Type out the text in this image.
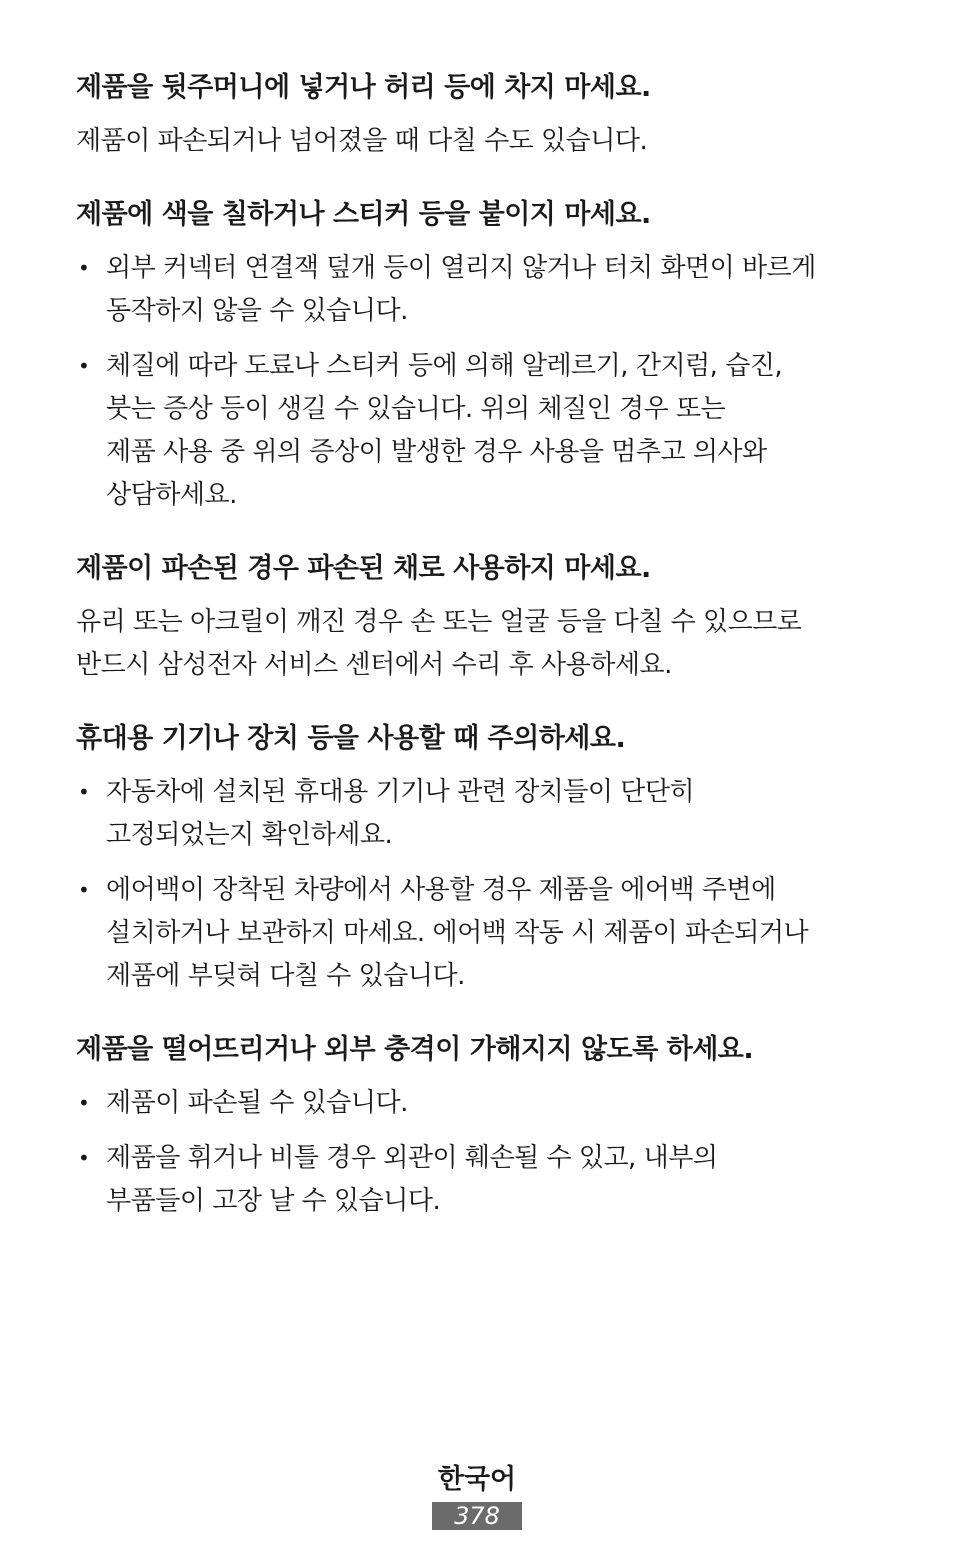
제품을 뒷주머니에 넣거나 허리 등에 차지 마세요.

제품이 파손되거나 넘어졌을 때 다칠 수도 있습니다.

제품에 색을 칠하거나 스티커 등을 붙이지 마세요.
• 외부 커넥터 연결잭 덮개 등이 열리지 않거나 터치 화면이 바르게
동작하지 않을 수 있습니다.
• 체질에 따라 도료나 스티커 등에 의해 알레르기, 간지럼, 습진,
붓는 증상 등이 생길 수 있습니다. 위의 체질인 경우 또는
제품 사용 중 위의 증상이 발생한 경우 사용을 멈추고 의사와
상담하세요.
제품이 파손된 경우 파손된 채로 사용하지 마세요.

유리 또는 아크릴이 깨진 경우 손 또는 얼굴 등을 다칠 수 있으므로
반드시 삼성전자 서비스 센터에서 수리 후 사용하세요.

휴대용 기기나 장치 등을 사용할 때 주의하세요.
• 자동차에 설치된 휴대용 기기나 관련 장치들이 단단히
고정되었는지 확인하세요.
• 에어백이 장착된 차량에서 사용할 경우 제품을 에어백 주변에
설치하거나 보관하지 마세요. 에어백 작동 시 제품이 파손되거나
제품에 부딪혀 다칠 수 있습니다.
제품을 떨어뜨리거나 외부 충격이 가해지지 않도록 하세요.
• 제품이 파손될 수 있습니다.
• 제품을 휘거나 비틀 경우 외관이 훼손될 수 있고, 내부의
부품들이 고장 날 수 있습니다.
한국어
378
